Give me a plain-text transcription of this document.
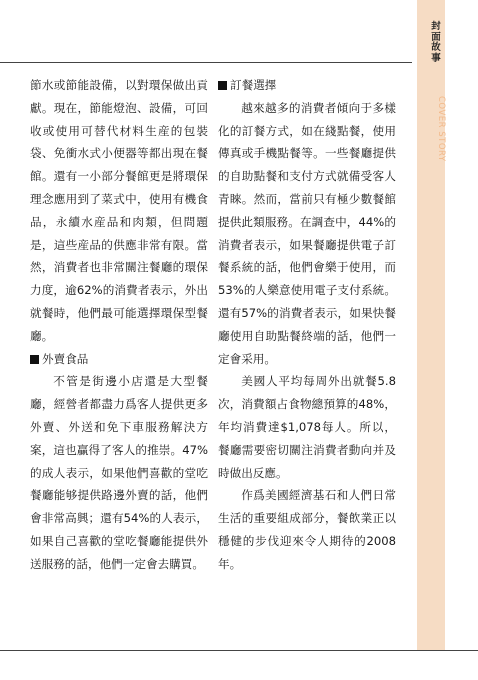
封面故事
COVER STORY

節水或節能設備，以對環保做出貢獻。現在，節能燈泡、設備，可回收或使用可替代材料生産的包裝袋、免衝水式小便器等都出現在餐館。還有一小部分餐館更是將環保理念應用到了菜式中，使用有機食品，永續水産品和肉類，但問題是，這些産品的供應非常有限。當然，消費者也非常關注餐廳的環保力度，逾62%的消費者表示，外出就餐時，他們最可能選擇環保型餐廳。

外賣食品

不管是街邊小店還是大型餐廳，經營者都盡力爲客人提供更多外賣、外送和免下車服務解決方案，這也贏得了客人的推崇。47%的成人表示，如果他們喜歡的堂吃餐廳能够提供路邊外賣的話，他們會非常高興；還有54%的人表示，如果自己喜歡的堂吃餐廳能提供外送服務的話，他們一定會去購買。

訂餐選擇

越來越多的消費者傾向于多樣化的訂餐方式，如在綫點餐，使用傳真或手機點餐等。一些餐廳提供的自助點餐和支付方式就備受客人青睞。然而，當前只有極少數餐館提供此類服務。在調查中，44%的消費者表示，如果餐廳提供電子訂餐系統的話，他們會樂于使用，而53%的人樂意使用電子支付系統。還有57%的消費者表示，如果快餐廳使用自助點餐終端的話，他們一定會采用。

美國人平均每周外出就餐5.8次，消費額占食物總預算的48%，年均消費達$1,078每人。所以，餐廳需要密切關注消費者動向并及時做出反應。

作爲美國經濟基石和人們日常生活的重要組成部分，餐飲業正以穩健的步伐迎來令人期待的2008年。
